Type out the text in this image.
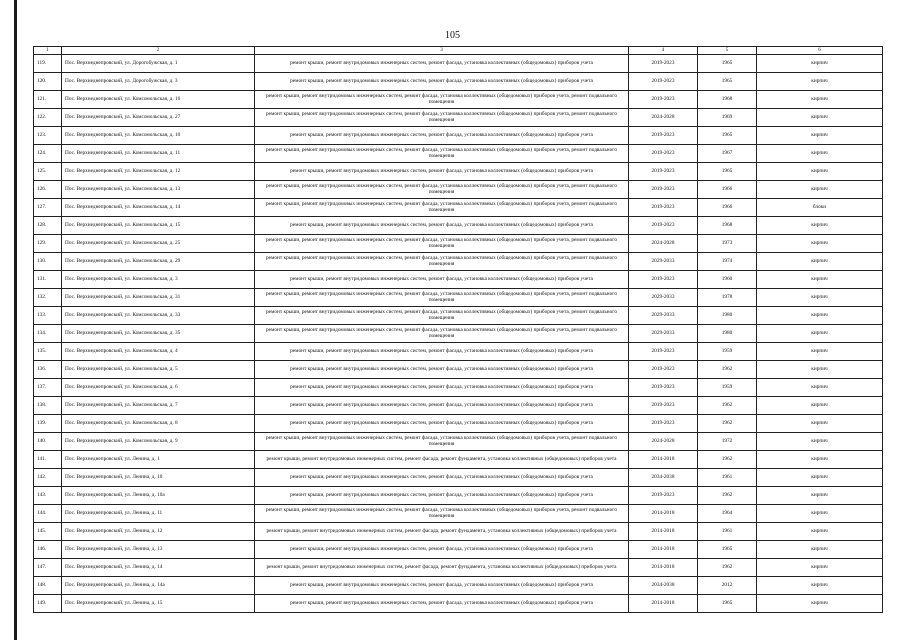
105
1	2	3	4	5	6
119.	Пос. Верхнеднепровский, ул. Дорогобужская, д. 1	ремонт крыши, ремонт внутридомовых инженерных систем, ремонт фасада, установка коллективных (общедомовых) приборов учета	2019-2023	1965	кирпич
120.	Пос. Верхнеднепровский, ул. Дорогобужская, д. 3	ремонт крыши, ремонт внутридомовых инженерных систем, ремонт фасада, установка коллективных (общедомовых) приборов учета	2019-2023	1965	кирпич
121.	Пос. Верхнеднепровский, ул. Комсомольская, д. 16	ремонт крыши, ремонт внутридомовых инженерных систем, ремонт фасада, установка коллективных (общедомовых) приборов учета, ремонт подвального помещения	2019-2023	1968	кирпич
122.	Пос. Верхнеднепровский, ул. Комсомольская, д. 27	ремонт крыши, ремонт внутридомовых инженерных систем, ремонт фасада, установка коллективных (общедомовых) приборов учета, ремонт подвального помещения	2024-2028	1969	кирпич
123.	Пос. Верхнеднепровский, ул. Комсомольская, д. 10	ремонт крыши, ремонт внутридомовых инженерных систем, ремонт фасада, установка коллективных (общедомовых) приборов учета	2019-2023	1965	кирпич
124.	Пос. Верхнеднепровский, ул. Комсомольская, д. 11	ремонт крыши, ремонт внутридомовых инженерных систем, ремонт фасада, установка коллективных (общедомовых) приборов учета, ремонт подвального помещения	2019-2023	1967	кирпич
125.	Пос. Верхнеднепровский, ул. Комсомольская, д. 12	ремонт крыши, ремонт внутридомовых инженерных систем, ремонт фасада, установка коллективных (общедомовых) приборов учета	2019-2023	1965	кирпич
126.	Пос. Верхнеднепровский, ул. Комсомольская, д. 13	ремонт крыши, ремонт внутридомовых инженерных систем, ремонт фасада, установка коллективных (общедомовых) приборов учета, ремонт подвального помещения	2019-2023	1966	кирпич
127.	Пос. Верхнеднепровский, ул. Комсомольская, д. 14	ремонт крыши, ремонт внутридомовых инженерных систем, ремонт фасада, установка коллективных (общедомовых) приборов учета, ремонт подвального помещения	2019-2023	1966	блоки
128.	Пос. Верхнеднепровский, ул. Комсомольская, д. 15	ремонт крыши, ремонт внутридомовых инженерных систем, ремонт фасада, установка коллективных (общедомовых) приборов учета	2019-2023	1968	кирпич
129.	Пос. Верхнеднепровский, ул. Комсомольская, д. 25	ремонт крыши, ремонт внутридомовых инженерных систем, ремонт фасада, установка коллективных (общедомовых) приборов учета, ремонт подвального помещения	2024-2028	1973	кирпич
130.	Пос. Верхнеднепровский, ул. Комсомольская, д. 29	ремонт крыши, ремонт внутридомовых инженерных систем, ремонт фасада, установка коллективных (общедомовых) приборов учета, ремонт подвального помещения	2029-2033	1974	кирпич
131.	Пос. Верхнеднепровский, ул. Комсомольская, д. 3	ремонт крыши, ремонт внутридомовых инженерных систем, ремонт фасада, установка коллективных (общедомовых) приборов учета	2019-2023	1960	кирпич
132.	Пос. Верхнеднепровский, ул. Комсомольская, д. 31	ремонт крыши, ремонт внутридомовых инженерных систем, ремонт фасада, установка коллективных (общедомовых) приборов учета, ремонт подвального помещения	2029-2033	1978	кирпич
133.	Пос. Верхнеднепровский, ул. Комсомольская, д. 33	ремонт крыши, ремонт внутридомовых инженерных систем, ремонт фасада, установка коллективных (общедомовых) приборов учета, ремонт подвального помещения	2029-2033	1980	кирпич
134.	Пос. Верхнеднепровский, ул. Комсомольская, д. 35	ремонт крыши, ремонт внутридомовых инженерных систем, ремонт фасада, установка коллективных (общедомовых) приборов учета, ремонт подвального помещения	2029-2033	1980	кирпич
135.	Пос. Верхнеднепровский, ул. Комсомольская, д. 4	ремонт крыши, ремонт внутридомовых инженерных систем, ремонт фасада, установка коллективных (общедомовых) приборов учета	2019-2023	1959	кирпич
136.	Пос. Верхнеднепровский, ул. Комсомольская, д. 5	ремонт крыши, ремонт внутридомовых инженерных систем, ремонт фасада, установка коллективных (общедомовых) приборов учета	2019-2023	1962	кирпич
137.	Пос. Верхнеднепровский, ул. Комсомольская, д. 6	ремонт крыши, ремонт внутридомовых инженерных систем, ремонт фасада, установка коллективных (общедомовых) приборов учета	2019-2023	1959	кирпич
138.	Пос. Верхнеднепровский, ул. Комсомольская, д. 7	ремонт крыши, ремонт внутридомовых инженерных систем, ремонт фасада, установка коллективных (общедомовых) приборов учета	2019-2023	1962	кирпич
139.	Пос. Верхнеднепровский, ул. Комсомольская, д. 8	ремонт крыши, ремонт внутридомовых инженерных систем, ремонт фасада, установка коллективных (общедомовых) приборов учета	2019-2023	1962	кирпич
140.	Пос. Верхнеднепровский, ул. Комсомольская, д. 9	ремонт крыши, ремонт внутридомовых инженерных систем, ремонт фасада, установка коллективных (общедомовых) приборов учета, ремонт подвального помещения	2024-2028	1972	кирпич
141.	Пос. Верхнеднепровский, ул. Ленина, д. 1	ремонт крыши, ремонт внутридомовых инженерных систем, ремонт фасада, ремонт фундамента, установка коллективных (общедомовых) приборов учета	2014-2018	1962	кирпич
142.	Пос. Верхнеднепровский, ул. Ленина, д. 10	ремонт крыши, ремонт внутридомовых инженерных систем, ремонт фасада, установка коллективных (общедомовых) приборов учета	2034-2038	1961	кирпич
143.	Пос. Верхнеднепровский, ул. Ленина, д. 10а	ремонт крыши, ремонт внутридомовых инженерных систем, ремонт фасада, установка коллективных (общедомовых) приборов учета	2019-2023	1962	кирпич
144.	Пос. Верхнеднепровский, ул. Ленина, д. 11	ремонт крыши, ремонт внутридомовых инженерных систем, ремонт фасада, установка коллективных (общедомовых) приборов учета, ремонт подвального помещения	2014-2018	1964	кирпич
145.	Пос. Верхнеднепровский, ул. Ленина, д. 12	ремонт крыши, ремонт внутридомовых инженерных систем, ремонт фасада, ремонт фундамента, установка коллективных (общедомовых) приборов учета	2014-2018	1961	кирпич
146.	Пос. Верхнеднепровский, ул. Ленина, д. 13	ремонт крыши, ремонт внутридомовых инженерных систем, ремонт фасада, установка коллективных (общедомовых) приборов учета	2014-2018	1965	кирпич
147.	Пос. Верхнеднепровский, ул. Ленина, д. 14	ремонт крыши, ремонт внутридомовых инженерных систем, ремонт фасада, ремонт фундамента, установка коллективных (общедомовых) приборов учета	2014-2018	1962	кирпич
148.	Пос. Верхнеднепровский, ул. Ленина, д. 14а	ремонт крыши, ремонт внутридомовых инженерных систем, ремонт фасада, установка коллективных (общедомовых) приборов учета	2034-2038	2012	кирпич
149.	Пос. Верхнеднепровский, ул. Ленина, д. 15	ремонт крыши, ремонт внутридомовых инженерных систем, ремонт фасада, установка коллективных (общедомовых) приборов учета	2014-2018	1965	кирпич
